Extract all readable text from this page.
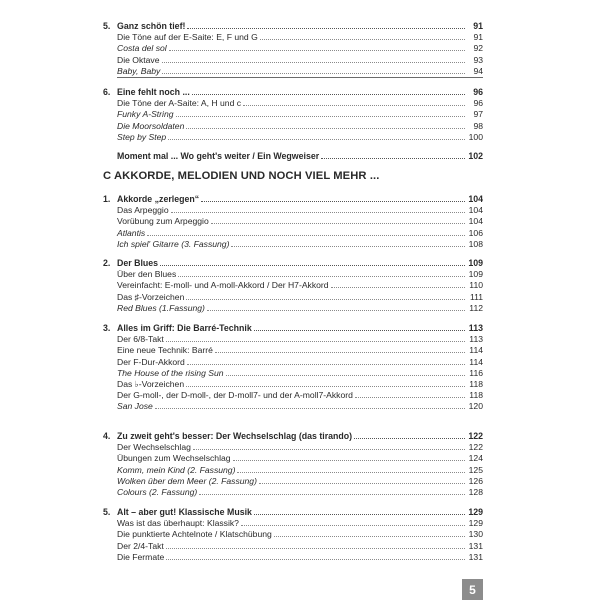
5. Ganz schön tief!	91
Die Töne auf der E-Saite: E, F und G	91
Costa del sol	92
Die Oktave	93
Baby, Baby	94
6. Eine fehlt noch ...	96
Die Töne der A-Saite: A, H und c	96
Funky A-String	97
Die Moorsoldaten	98
Step by Step	100
Moment mal ... Wo geht's weiter / Ein Wegweiser	102
C AKKORDE, MELODIEN UND NOCH VIEL MEHR ...
1. Akkorde „zerlegen“	104
Das Arpeggio	104
Vorübung zum Arpeggio	104
Atlantis	106
Ich spiel' Gitarre (3. Fassung)	108
2. Der Blues	109
Über den Blues	109
Vereinfacht: E-moll- und A-moll-Akkord / Der H7-Akkord	110
Das ♯-Vorzeichen	111
Red Blues (1.Fassung)	112
3. Alles im Griff: Die Barré-Technik	113
Der 6/8-Takt	113
Eine neue Technik: Barré	114
Der F-Dur-Akkord	114
The House of the rising Sun	116
Das ♭-Vorzeichen	118
Der G-moll-, der D-moll-, der D-moll7- und der A-moll7-Akkord	118
San Jose	120
4. Zu zweit geht's besser: Der Wechselschlag (das tirando)	122
Der Wechselschlag	122
Übungen zum Wechselschlag	124
Komm, mein Kind (2. Fassung)	125
Wolken über dem Meer (2. Fassung)	126
Colours (2. Fassung)	128
5. Alt – aber gut! Klassische Musik	129
Was ist das überhaupt: Klassik?	129
Die punktierte Achtelnote / Klatschübung	130
Der 2/4-Takt	131
Die Fermate	131
5
